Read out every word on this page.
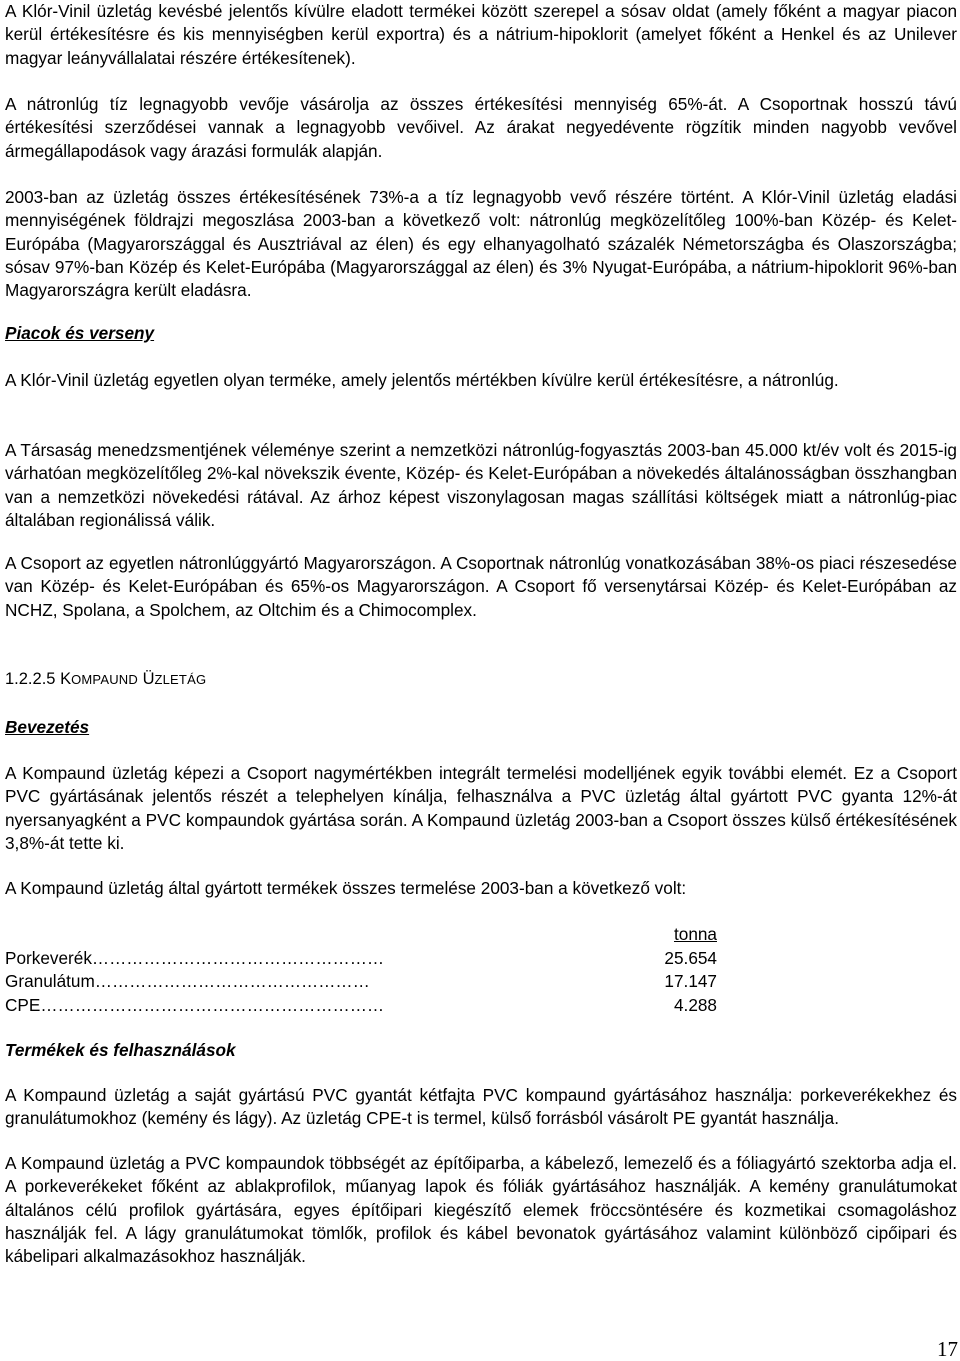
A Klór-Vinil üzletág kevésbé jelentős kívülre eladott termékei között szerepel a sósav oldat (amely főként a magyar piacon kerül értékesítésre és kis mennyiségben kerül exportra) és a nátrium-hipoklorit (amelyet főként a Henkel és az Unilever magyar leányvállalatai részére értékesítenek).

A nátronlúg tíz legnagyobb vevője vásárolja az összes értékesítési mennyiség 65%-át. A Csoportnak hosszú távú értékesítési szerződései vannak a legnagyobb vevőivel. Az árakat negyedévente rögzítik minden nagyobb vevővel ármegállapodások vagy árazási formulák alapján.

2003-ban az üzletág összes értékesítésének 73%-a a tíz legnagyobb vevő részére történt. A Klór-Vinil üzletág eladási mennyiségének földrajzi megoszlása 2003-ban a következő volt: nátronlúg megközelítőleg 100%-ban Közép- és Kelet-Európába (Magyarországgal és Ausztriával az élen) és egy elhanyagolható százalék Németországba és Olaszországba; sósav 97%-ban Közép és Kelet-Európába (Magyarországgal az élen) és 3% Nyugat-Európába, a nátrium-hipoklorit 96%-ban Magyarországra került eladásra.

Piacok és verseny

A Klór-Vinil üzletág egyetlen olyan terméke, amely jelentős mértékben kívülre kerül értékesítésre, a nátronlúg.

A Társaság menedzsmentjének véleménye szerint a nemzetközi nátronlúg-fogyasztás 2003-ban 45.000 kt/év volt és 2015-ig várhatóan megközelítőleg 2%-kal növekszik évente, Közép- és Kelet-Európában a növekedés általánosságban összhangban van a nemzetközi növekedési rátával. Az árhoz képest viszonylagosan magas szállítási költségek miatt a nátronlúg-piac általában regionálissá válik.

A Csoport az egyetlen nátronlúggyártó Magyarországon. A Csoportnak nátronlúg vonatkozásában 38%-os piaci részesedése van Közép- és Kelet-Európában és 65%-os Magyarországon. A Csoport fő versenytársai Közép- és Kelet-Európában az NCHZ, Spolana, a Spolchem, az Oltchim és a Chimocomplex.

1.2.2.5 KOMPAUND ÜZLETÁG

Bevezetés

A Kompaund üzletág képezi a Csoport nagymértékben integrált termelési modelljének egyik további elemét. Ez a Csoport PVC gyártásának jelentős részét a telephelyen kínálja, felhasználva a PVC üzletág által gyártott PVC gyanta 12%-át nyersanyagként a PVC kompaundok gyártása során. A Kompaund üzletág 2003-ban a Csoport összes külső értékesítésének 3,8%-át tette ki.

A Kompaund üzletág által gyártott termékek összes termelése 2003-ban a következő volt:

tonna
Porkeverék……………………………………………	25.654
Granulátum…………………………………………	17.147
CPE……………………………………………………	4.288

Termékek és felhasználások

A Kompaund üzletág a saját gyártású PVC gyantát kétfajta PVC kompaund gyártásához használja: porkeverékekhez és granulátumokhoz (kemény és lágy). Az üzletág CPE-t is termel, külső forrásból vásárolt PE gyantát használja.

A Kompaund üzletág a PVC kompaundok többségét az építőiparba, a kábelező, lemezelő és a fóliagyártó szektorba adja el. A porkeverékeket főként az ablakprofilok, műanyag lapok és fóliák gyártásához használják. A kemény granulátumokat általános célú profilok gyártására, egyes építőipari kiegészítő elemek fröccsöntésére és kozmetikai csomagoláshoz használják fel. A lágy granulátumokat tömlők, profilok és kábel bevonatok gyártásához valamint különböző cipőipari és kábelipari alkalmazásokhoz használják.

17
